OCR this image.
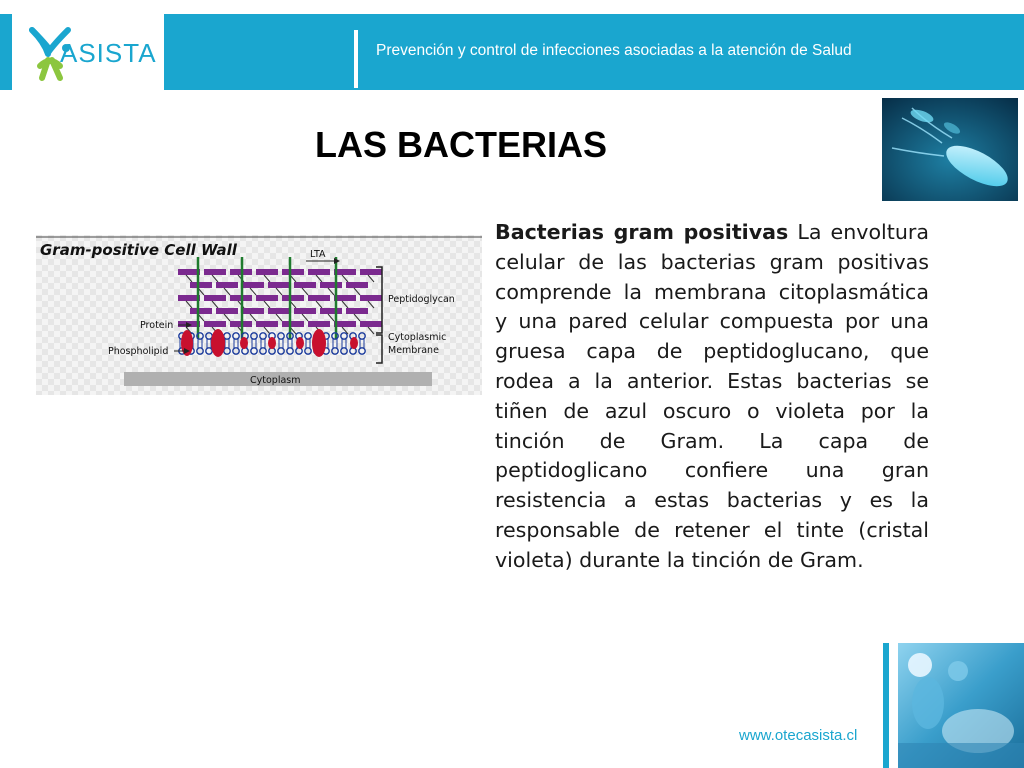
ASISTA	Prevención y control de infecciones asociadas a la atención de Salud
LAS BACTERIAS
Gram-positive Cell Wall	LTA
Peptidoglycan
Protein
Cytoplasmic
Membrane
Phospholipid
Cytoplasm
Bacterias gram positivas La envoltura celular de las bacterias gram positivas comprende la membrana citoplasmática y una pared celular compuesta por una gruesa capa de peptidoglucano, que rodea a la anterior. Estas bacterias se tiñen de azul oscuro o violeta por la tinción de Gram. La capa de peptidoglicano confiere una gran resistencia a estas bacterias y es la responsable de retener el tinte (cristal violeta) durante la tinción de Gram.
www.otecasista.cl
